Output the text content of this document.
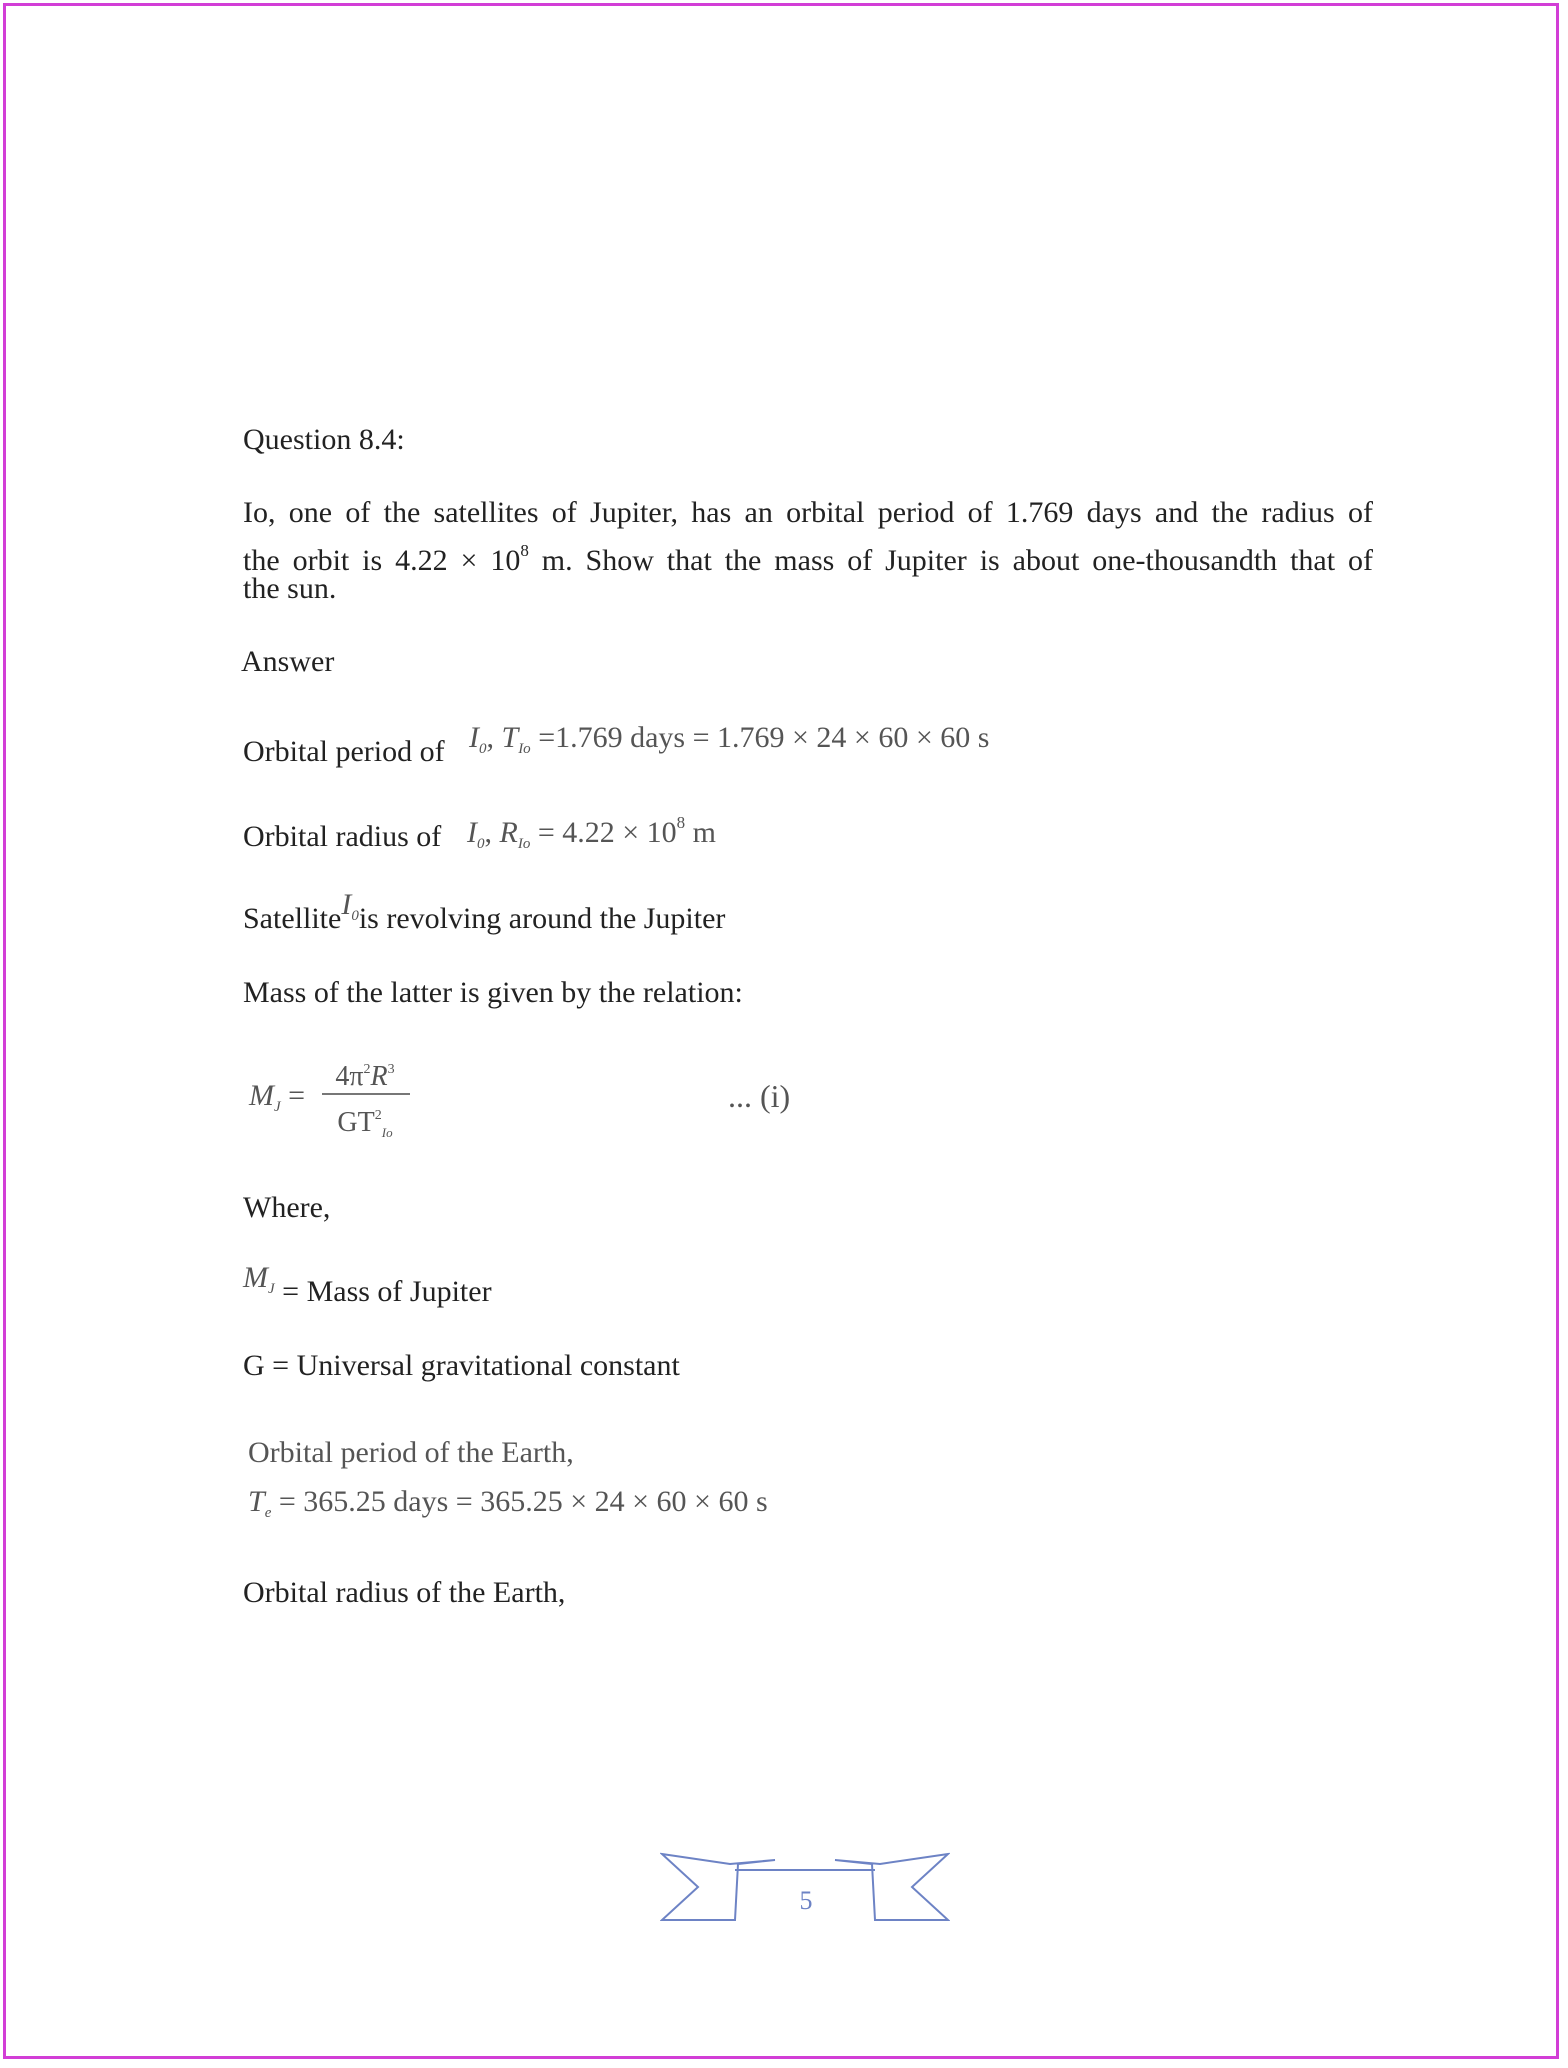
Question 8.4:
Io, one of the satellites of Jupiter, has an orbital period of 1.769 days and the radius of
the orbit is $4.22 \times 10^8$ m. Show that the mass of Jupiter is about one-thousandth that of
the sun.
Answer
Orbital period of $I_0$, $T_{Io} =1.769$ days = 1.769 × 24 × 60 × 60 s
Orbital radius of $I_0$, $R_{Io} = 4.22 \times 10^8$ m
SatelliteI$_0$is revolving around the Jupiter
Mass of the latter is given by the relation:
$M_J$ =
$4\pi^2R^3$
$GT^2_{Io}$
... (i)
Where,
$M_J$ = Mass of Jupiter
G = Universal gravitational constant
Orbital period of the Earth,
$T_e = 365.25$ days = 365.25 × 24 × 60 × 60 s
Orbital radius of the Earth,
5
